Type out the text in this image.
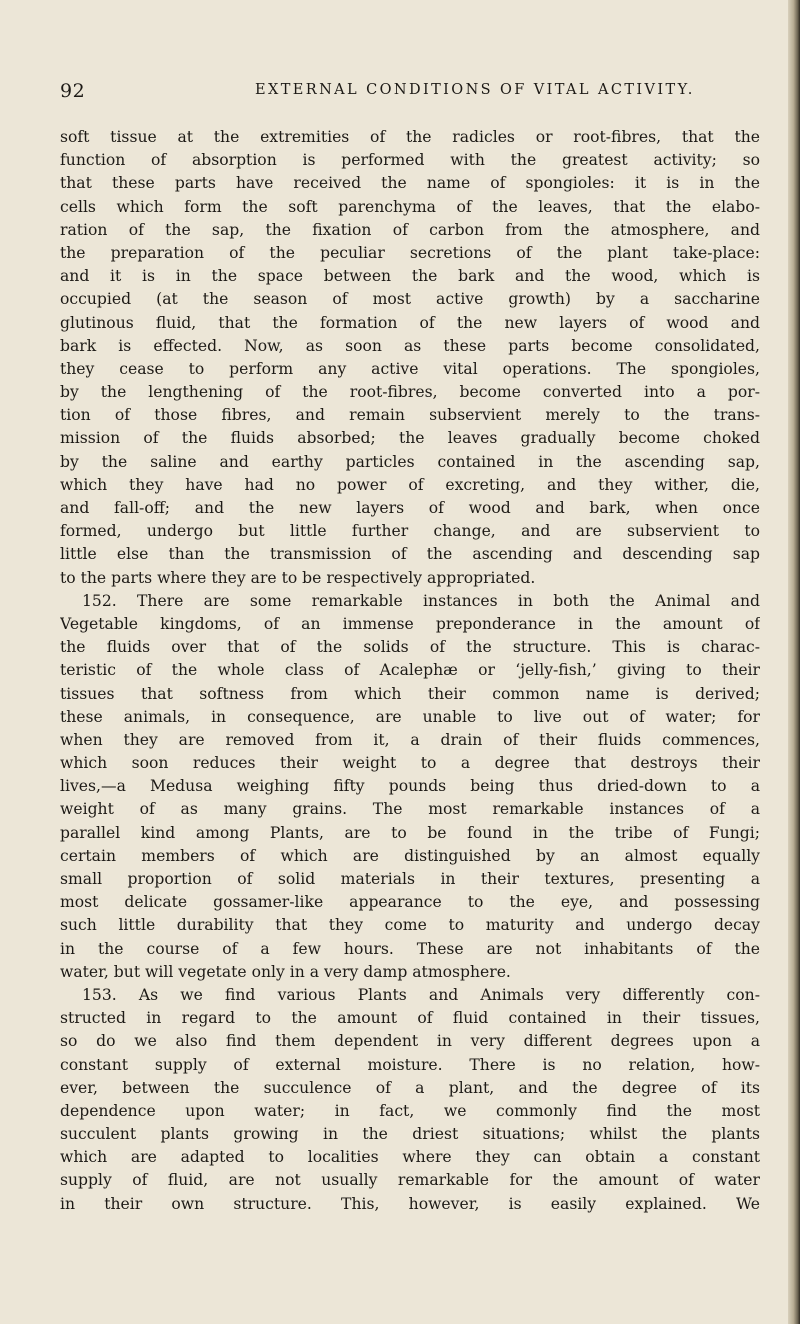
92	EXTERNAL CONDITIONS OF VITAL ACTIVITY.
soft tissue at the extremities of the radicles or root-fibres, that the
function of absorption is performed with the greatest activity; so
that these parts have received the name of spongioles: it is in the
cells which form the soft parenchyma of the leaves, that the elabo-
ration of the sap, the fixation of carbon from the atmosphere, and
the preparation of the peculiar secretions of the plant take-place:
and it is in the space between the bark and the wood, which is
occupied (at the season of most active growth) by a saccharine
glutinous fluid, that the formation of the new layers of wood and
bark is effected. Now, as soon as these parts become consolidated,
they cease to perform any active vital operations. The spongioles,
by the lengthening of the root-fibres, become converted into a por-
tion of those fibres, and remain subservient merely to the trans-
mission of the fluids absorbed; the leaves gradually become choked
by the saline and earthy particles contained in the ascending sap,
which they have had no power of excreting, and they wither, die,
and fall-off; and the new layers of wood and bark, when once
formed, undergo but little further change, and are subservient to
little else than the transmission of the ascending and descending sap
to the parts where they are to be respectively appropriated.
152. There are some remarkable instances in both the Animal and
Vegetable kingdoms, of an immense preponderance in the amount of
the fluids over that of the solids of the structure. This is charac-
teristic of the whole class of Acalephæ or ‘jelly-fish,’ giving to their
tissues that softness from which their common name is derived;
these animals, in consequence, are unable to live out of water; for
when they are removed from it, a drain of their fluids commences,
which soon reduces their weight to a degree that destroys their
lives,—a Medusa weighing fifty pounds being thus dried-down to a
weight of as many grains. The most remarkable instances of a
parallel kind among Plants, are to be found in the tribe of Fungi;
certain members of which are distinguished by an almost equally
small proportion of solid materials in their textures, presenting a
most delicate gossamer-like appearance to the eye, and possessing
such little durability that they come to maturity and undergo decay
in the course of a few hours. These are not inhabitants of the
water, but will vegetate only in a very damp atmosphere.
153. As we find various Plants and Animals very differently con-
structed in regard to the amount of fluid contained in their tissues,
so do we also find them dependent in very different degrees upon a
constant supply of external moisture. There is no relation, how-
ever, between the succulence of a plant, and the degree of its
dependence upon water; in fact, we commonly find the most
succulent plants growing in the driest situations; whilst the plants
which are adapted to localities where they can obtain a constant
supply of fluid, are not usually remarkable for the amount of water
in their own structure. This, however, is easily explained. We
